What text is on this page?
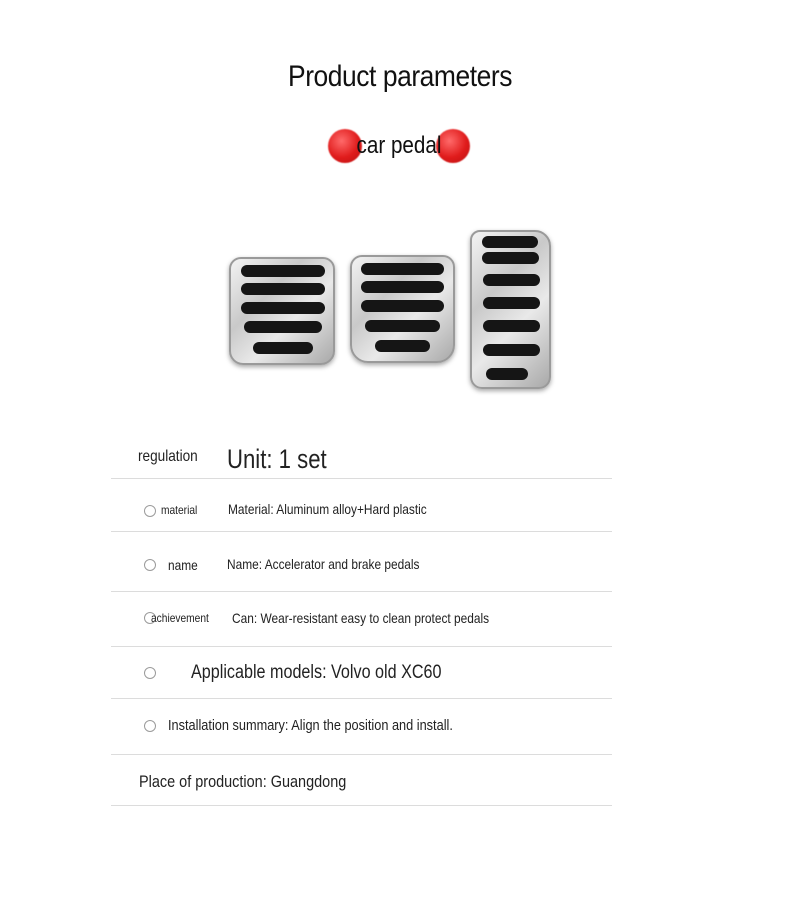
Product parameters
car pedal
regulation Unit: 1 set
material Material: Aluminum alloy+Hard plastic
name Name: Accelerator and brake pedals
achievement Can: Wear-resistant easy to clean protect pedals
Applicable models: Volvo old XC60
Installation summary: Align the position and install.
Place of production: Guangdong
